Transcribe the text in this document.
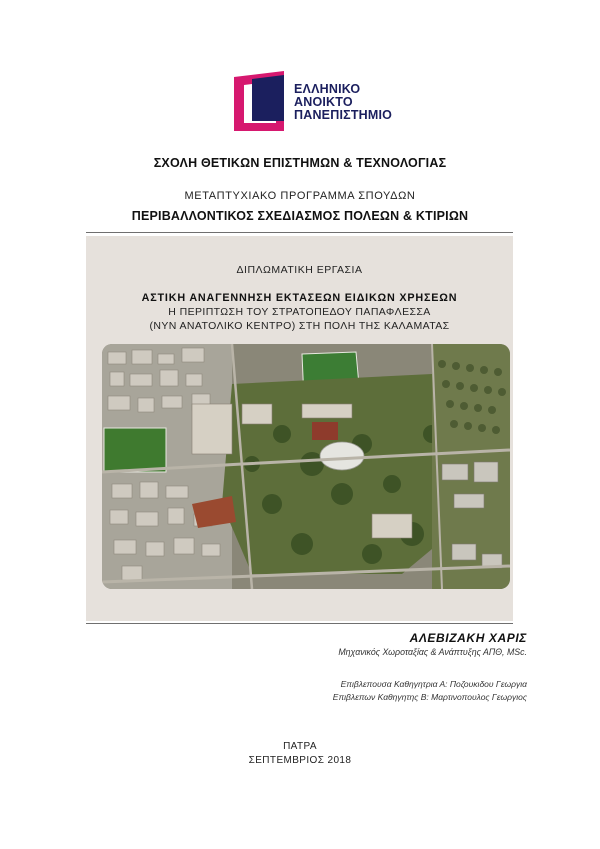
ΕΛΛΗΝΙΚΟ
ΑΝΟΙΚΤΟ
ΠΑΝΕΠΙΣΤΗΜΙΟ
ΣΧΟΛΗ ΘΕΤΙΚΩΝ ΕΠΙΣΤΗΜΩΝ & ΤΕΧΝΟΛΟΓΙΑΣ
ΜΕΤΑΠΤΥΧΙΑΚΟ ΠΡΟΓΡΑΜΜΑ ΣΠΟΥΔΩΝ
ΠΕΡΙΒΑΛΛΟΝΤΙΚΟΣ ΣΧΕΔΙΑΣΜΟΣ ΠΟΛΕΩΝ & ΚΤΙΡΙΩΝ
ΔΙΠΛΩΜΑΤΙΚΗ ΕΡΓΑΣΙΑ
ΑΣΤΙΚΗ ΑΝΑΓΕΝΝΗΣΗ ΕΚΤΑΣΕΩΝ ΕΙΔΙΚΩΝ ΧΡΗΣΕΩΝ
Η ΠΕΡΙΠΤΩΣΗ ΤΟΥ ΣΤΡΑΤΟΠΕΔΟΥ ΠΑΠΑΦΛΕΣΣΑ
(ΝΥΝ ΑΝΑΤΟΛΙΚΟ ΚΕΝΤΡΟ) ΣΤΗ ΠΟΛΗ ΤΗΣ ΚΑΛΑΜΑΤΑΣ
ΑΛΕΒΙΖΑΚΗ ΧΑΡΙΣ
Μηχανικός Χωροταξίας & Ανάπτυξης ΑΠΘ, MSc.
Επιβλεπουσα Καθηγητρια Α: Ποζουκιδου Γεωργια
Επιβλεπων Καθηγητης Β: Μαρτινοπουλος Γεωργιος
ΠΑΤΡΑ
ΣΕΠΤΕΜΒΡΙΟΣ 2018
